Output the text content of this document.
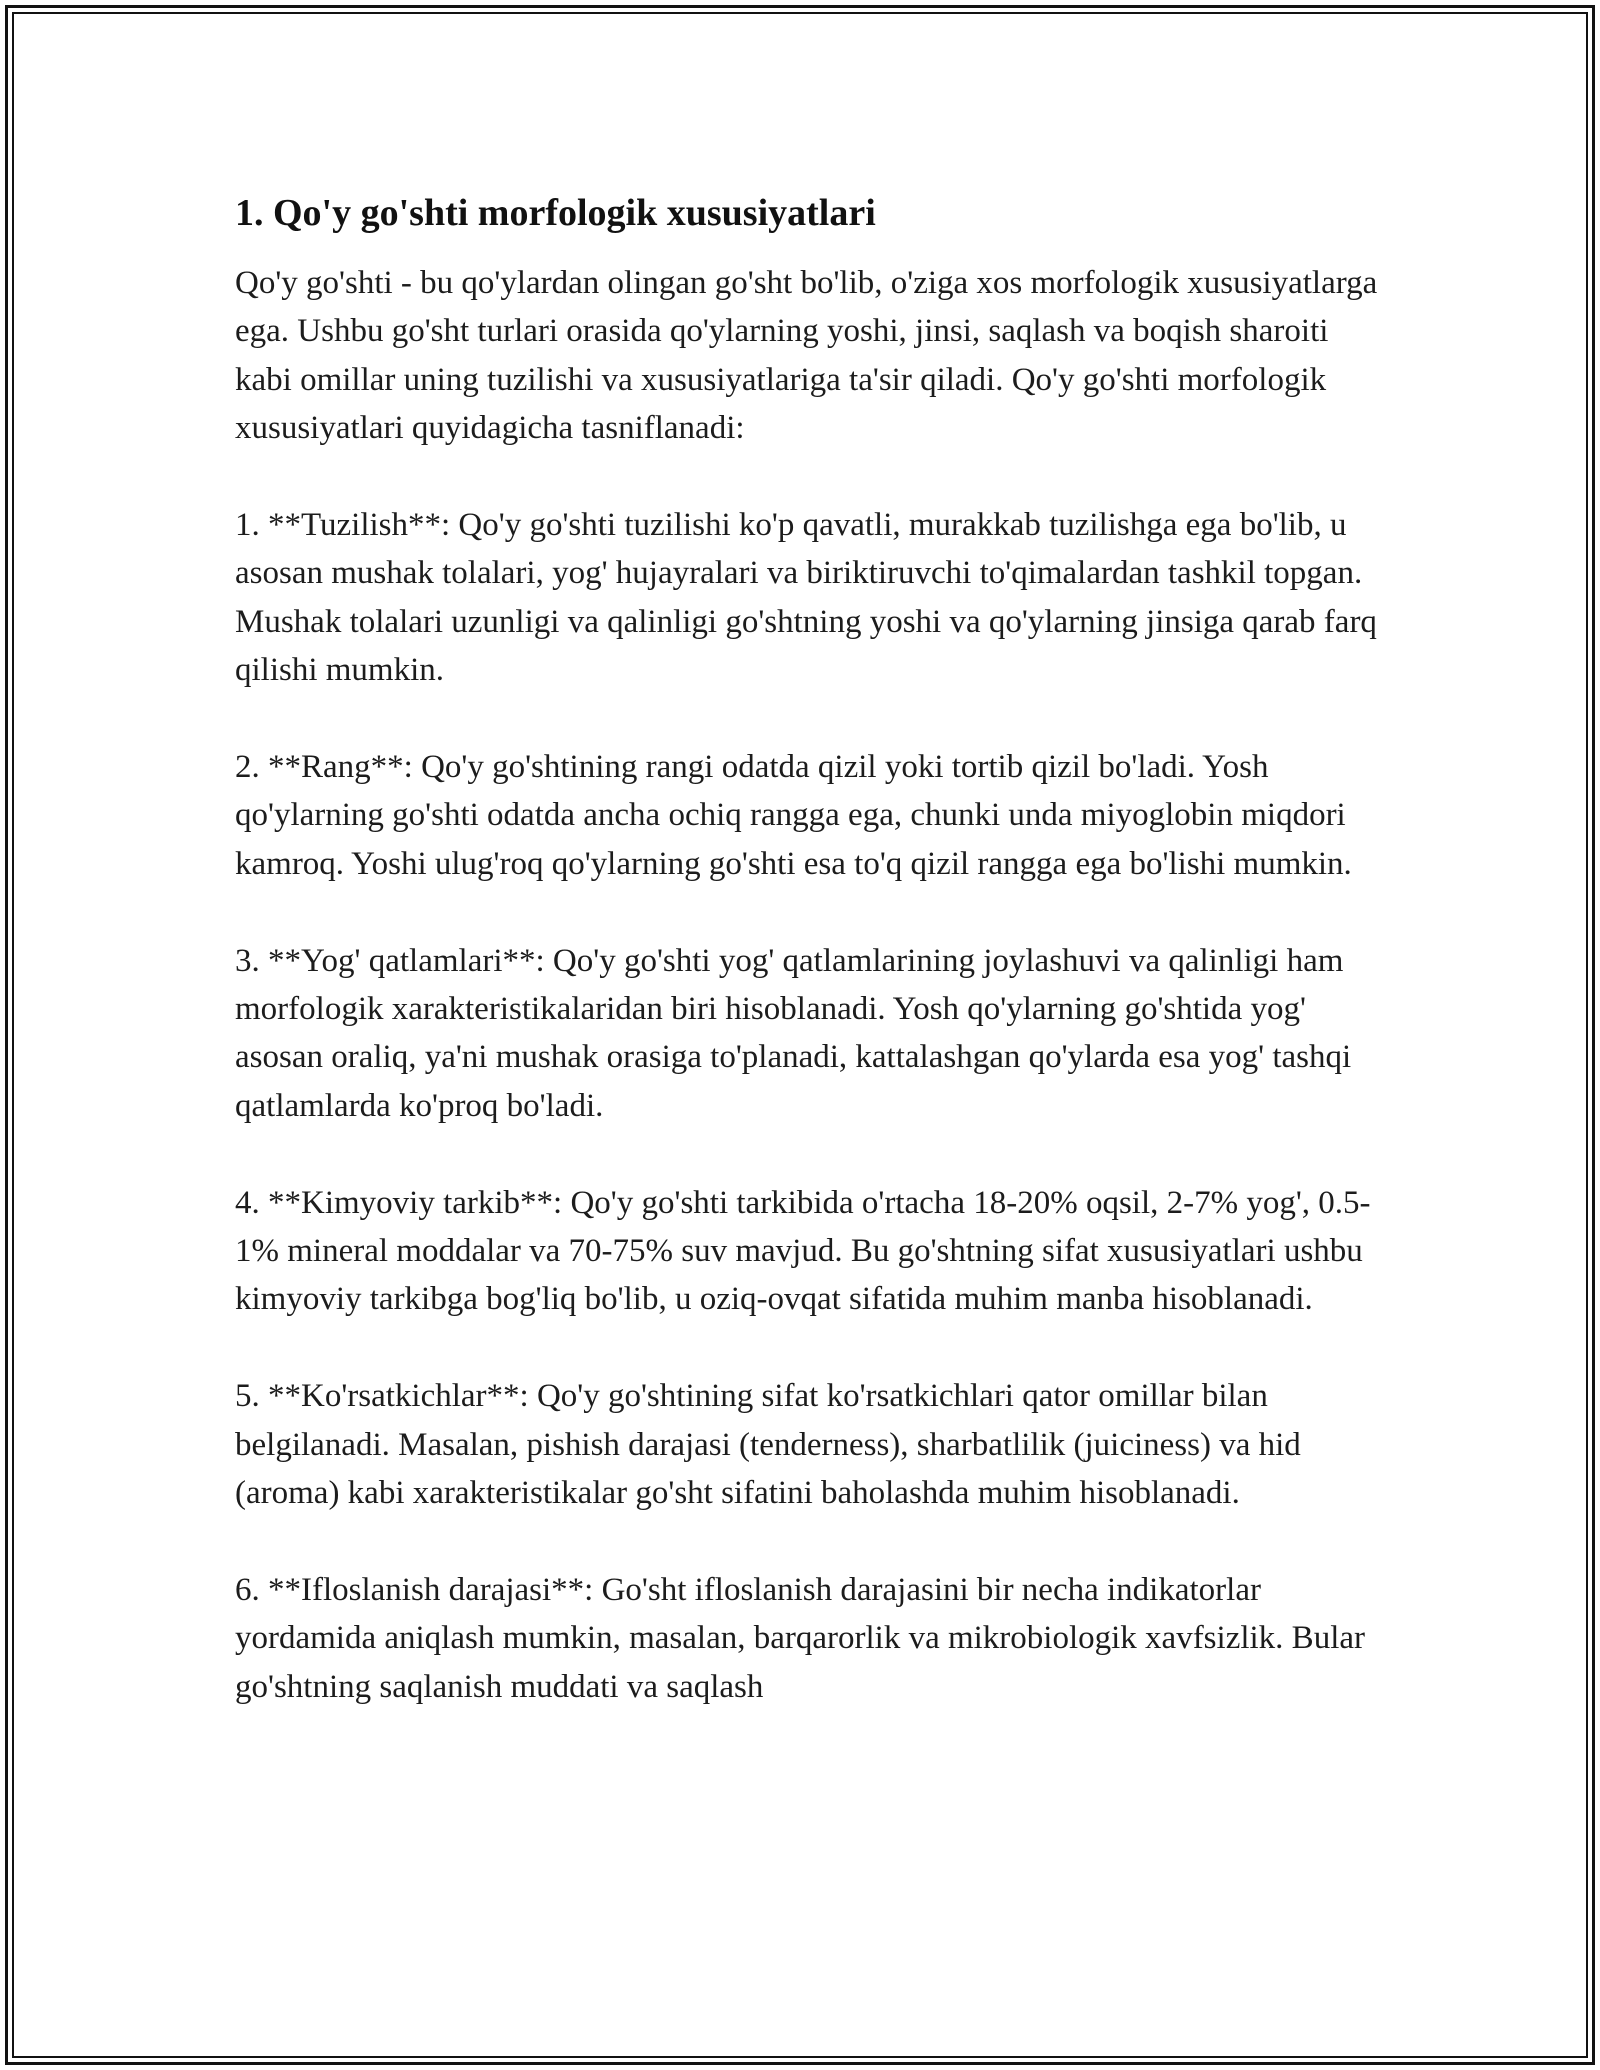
1. Qo'y go'shti morfologik xususiyatlari

Qo'y go'shti - bu qo'ylardan olingan go'sht bo'lib, o'ziga xos morfologik xususiyatlarga ega. Ushbu go'sht turlari orasida qo'ylarning yoshi, jinsi, saqlash va boqish sharoiti kabi omillar uning tuzilishi va xususiyatlariga ta'sir qiladi. Qo'y go'shti morfologik xususiyatlari quyidagicha tasniflanadi:

1. **Tuzilish**: Qo'y go'shti tuzilishi ko'p qavatli, murakkab tuzilishga ega bo'lib, u asosan mushak tolalari, yog' hujayralari va biriktiruvchi to'qimalardan tashkil topgan. Mushak tolalari uzunligi va qalinligi go'shtning yoshi va qo'ylarning jinsiga qarab farq qilishi mumkin.

2. **Rang**: Qo'y go'shtining rangi odatda qizil yoki tortib qizil bo'ladi. Yosh qo'ylarning go'shti odatda ancha ochiq rangga ega, chunki unda miyoglobin miqdori kamroq. Yoshi ulug'roq qo'ylarning go'shti esa to'q qizil rangga ega bo'lishi mumkin.

3. **Yog' qatlamlari**: Qo'y go'shti yog' qatlamlarining joylashuvi va qalinligi ham morfologik xarakteristikalaridan biri hisoblanadi. Yosh qo'ylarning go'shtida yog' asosan oraliq, ya'ni mushak orasiga to'planadi, kattalashgan qo'ylarda esa yog' tashqi qatlamlarda ko'proq bo'ladi.

4. **Kimyoviy tarkib**: Qo'y go'shti tarkibida o'rtacha 18-20% oqsil, 2-7% yog', 0.5-1% mineral moddalar va 70-75% suv mavjud. Bu go'shtning sifat xususiyatlari ushbu kimyoviy tarkibga bog'liq bo'lib, u oziq-ovqat sifatida muhim manba hisoblanadi.

5. **Ko'rsatkichlar**: Qo'y go'shtining sifat ko'rsatkichlari qator omillar bilan belgilanadi. Masalan, pishish darajasi (tenderness), sharbatlilik (juiciness) va hid (aroma) kabi xarakteristikalar go'sht sifatini baholashda muhim hisoblanadi.

6. **Ifloslanish darajasi**: Go'sht ifloslanish darajasini bir necha indikatorlar yordamida aniqlash mumkin, masalan, barqarorlik va mikrobiologik xavfsizlik. Bular go'shtning saqlanish muddati va saqlash
